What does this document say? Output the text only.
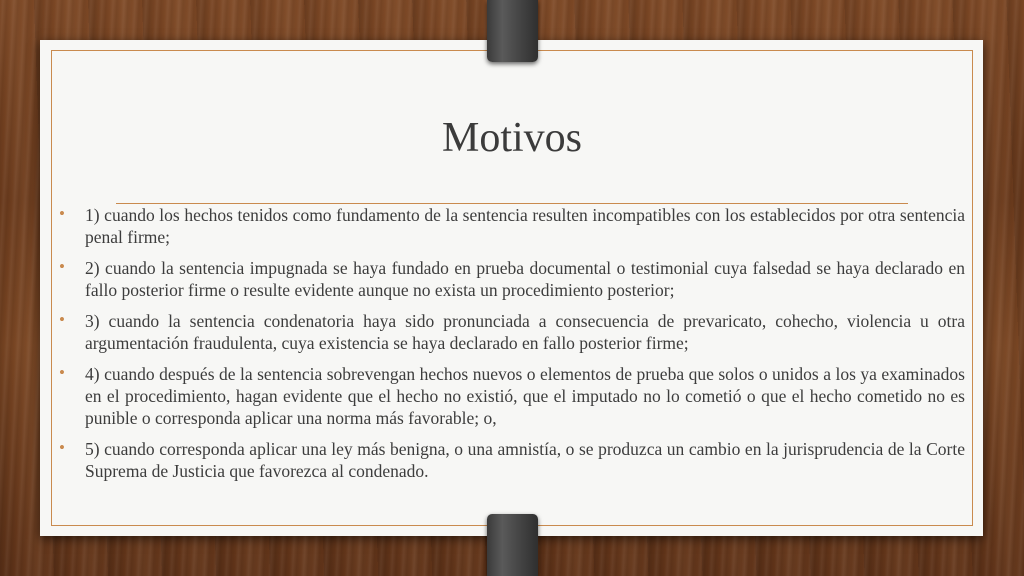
Motivos
• 1) cuando los hechos tenidos como fundamento de la sentencia resulten incompatibles con los establecidos por otra sentencia penal firme;
• 2) cuando la sentencia impugnada se haya fundado en prueba documental o testimonial cuya falsedad se haya declarado en fallo posterior firme o resulte evidente aunque no exista un procedimiento posterior;
• 3) cuando la sentencia condenatoria haya sido pronunciada a consecuencia de prevaricato, cohecho, violencia u otra argumentación fraudulenta, cuya existencia se haya declarado en fallo posterior firme;
• 4) cuando después de la sentencia sobrevengan hechos nuevos o elementos de prueba que solos o unidos a los ya examinados en el procedimiento, hagan evidente que el hecho no existió, que el imputado no lo cometió o que el hecho cometido no es punible o corresponda aplicar una norma más favorable; o,
• 5) cuando corresponda aplicar una ley más benigna, o una amnistía, o se produzca un cambio en la jurisprudencia de la Corte Suprema de Justicia que favorezca al condenado.
